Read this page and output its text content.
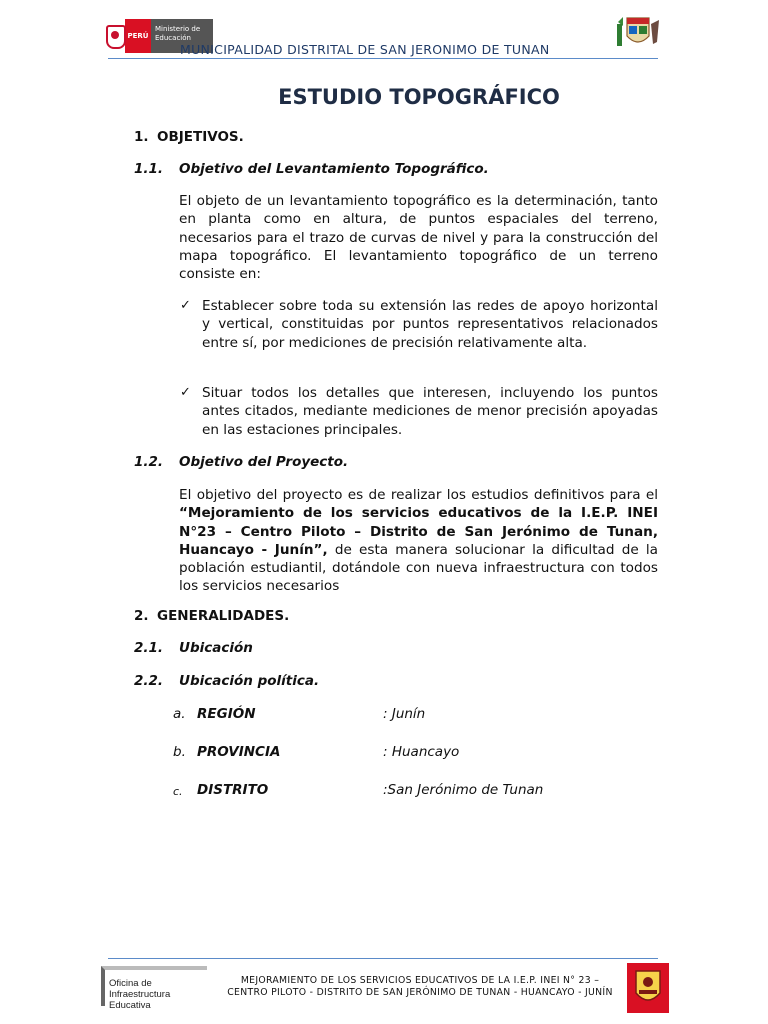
PERÚ
Ministerio de Educación
MUNICIPALIDAD DISTRITAL DE SAN JERONIMO DE TUNAN
ESTUDIO TOPOGRÁFICO
1. OBJETIVOS.
1.1. Objetivo del Levantamiento Topográfico.
El objeto de un levantamiento topográfico es la determinación, tanto en planta como en altura, de puntos espaciales del terreno, necesarios para el trazo de curvas de nivel y para la construcción del mapa topográfico. El levantamiento topográfico de un terreno consiste en:
✓ Establecer sobre toda su extensión las redes de apoyo horizontal y vertical, constituidas por puntos representativos relacionados entre sí, por mediciones de precisión relativamente alta.
✓ Situar todos los detalles que interesen, incluyendo los puntos antes citados, mediante mediciones de menor precisión apoyadas en las estaciones principales.
1.2. Objetivo del Proyecto.
El objetivo del proyecto es de realizar los estudios definitivos para el “Mejoramiento de los servicios educativos de la I.E.P. INEI N°23 – Centro Piloto – Distrito de San Jerónimo de Tunan, Huancayo - Junín”, de esta manera solucionar la dificultad de la población estudiantil, dotándole con nueva infraestructura con todos los servicios necesarios
2. GENERALIDADES.
2.1. Ubicación
2.2. Ubicación política.
a. REGIÓN	: Junín
b. PROVINCIA	: Huancayo
c. DISTRITO	:San Jerónimo de Tunan
Oficina de Infraestructura Educativa
MEJORAMIENTO DE LOS SERVICIOS EDUCATIVOS DE LA I.E.P. INEI N° 23 –
CENTRO PILOTO - DISTRITO DE SAN JERÓNIMO DE TUNAN - HUANCAYO - JUNÍN
